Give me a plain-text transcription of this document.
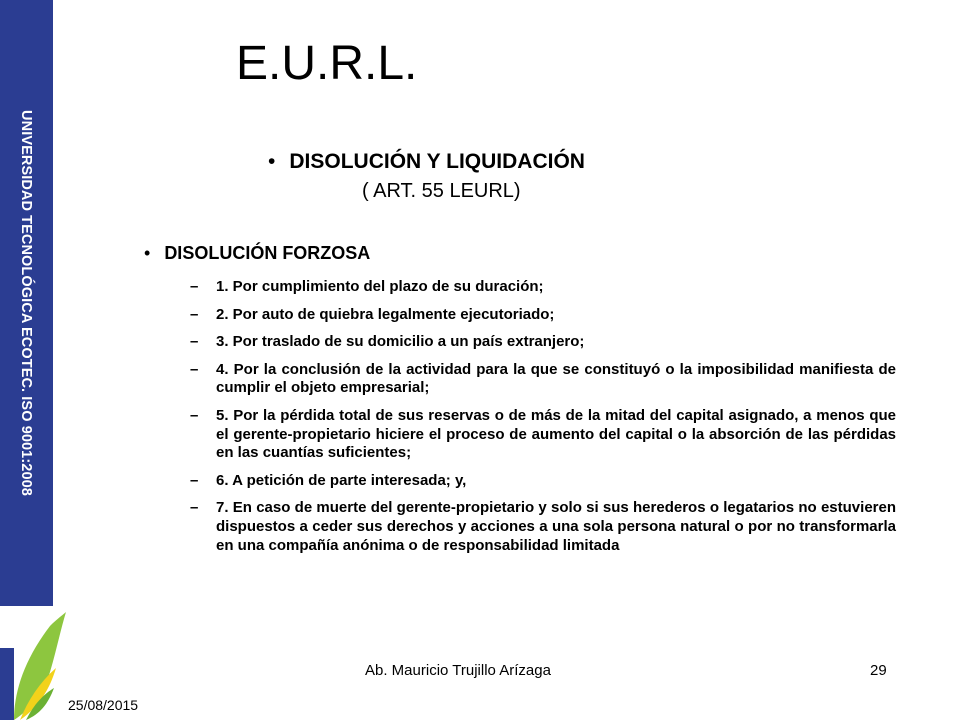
UNIVERSIDAD TECNOLÓGICA ECOTEC. ISO 9001:2008
E.U.R.L.
• DISOLUCIÓN Y LIQUIDACIÓN
( ART. 55 LEURL)
• DISOLUCIÓN FORZOSA
– 1. Por cumplimiento del plazo de su duración;
– 2. Por auto de quiebra legalmente ejecutoriado;
– 3. Por traslado de su domicilio a un país extranjero;
– 4. Por la conclusión de la actividad para la que se constituyó o la imposibilidad manifiesta de cumplir el objeto empresarial;
– 5. Por la pérdida total de sus reservas o de más de la mitad del capital asignado, a menos que el gerente-propietario hiciere el proceso de aumento del capital o la absorción de las pérdidas en las cuantías suficientes;
– 6. A petición de parte interesada; y,
– 7. En caso de muerte del gerente-propietario y solo si sus herederos o legatarios no estuvieren dispuestos a ceder sus derechos y acciones a una sola persona natural o por no transformarla en una compañía anónima o de responsabilidad limitada
Ab. Mauricio Trujillo Arízaga	29
25/08/2015
